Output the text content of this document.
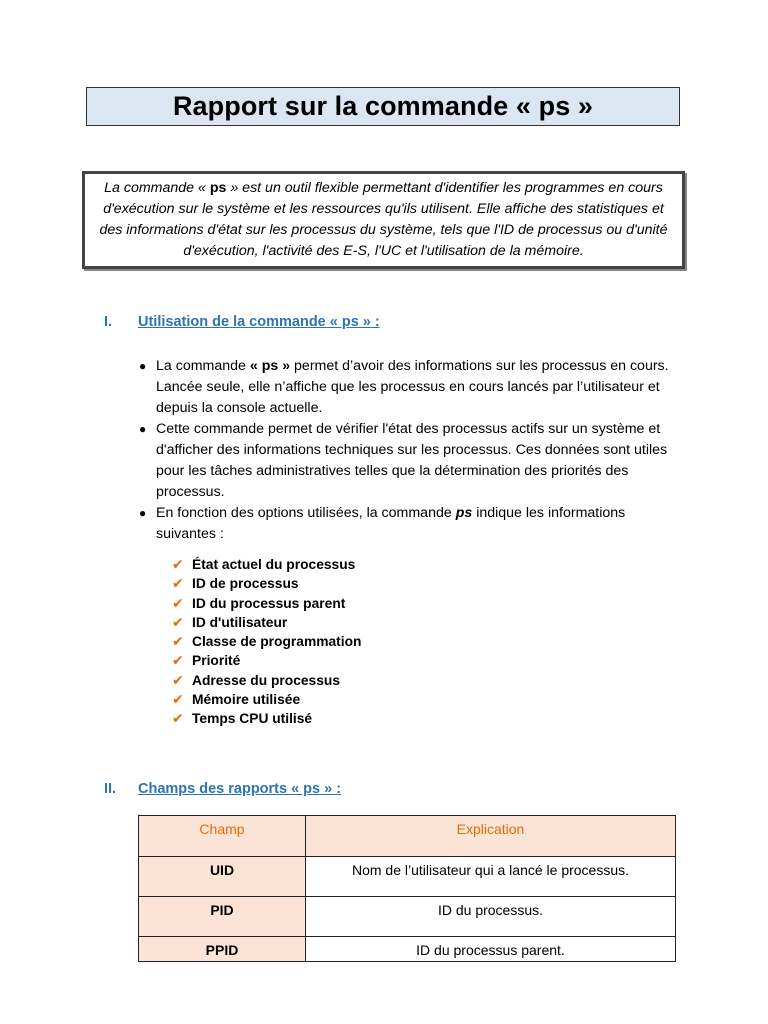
Rapport sur la commande « ps »

La commande « ps » est un outil flexible permettant d'identifier les programmes en cours d'exécution sur le système et les ressources qu'ils utilisent. Elle affiche des statistiques et des informations d'état sur les processus du système, tels que l'ID de processus ou d'unité d'exécution, l'activité des E-S, l'UC et l'utilisation de la mémoire.

I.	Utilisation de la commande « ps » :
● La commande « ps » permet d’avoir des informations sur les processus en cours. Lancée seule, elle n’affiche que les processus en cours lancés par l’utilisateur et depuis la console actuelle.
● Cette commande permet de vérifier l'état des processus actifs sur un système et d'afficher des informations techniques sur les processus. Ces données sont utiles pour les tâches administratives telles que la détermination des priorités des processus.
● En fonction des options utilisées, la commande ps indique les informations suivantes :
✔ État actuel du processus
✔ ID de processus
✔ ID du processus parent
✔ ID d'utilisateur
✔ Classe de programmation
✔ Priorité
✔ Adresse du processus
✔ Mémoire utilisée
✔ Temps CPU utilisé
II.	Champs des rapports « ps » :
Champ	Explication
UID	Nom de l’utilisateur qui a lancé le processus.
PID	ID du processus.
PPID	ID du processus parent.
